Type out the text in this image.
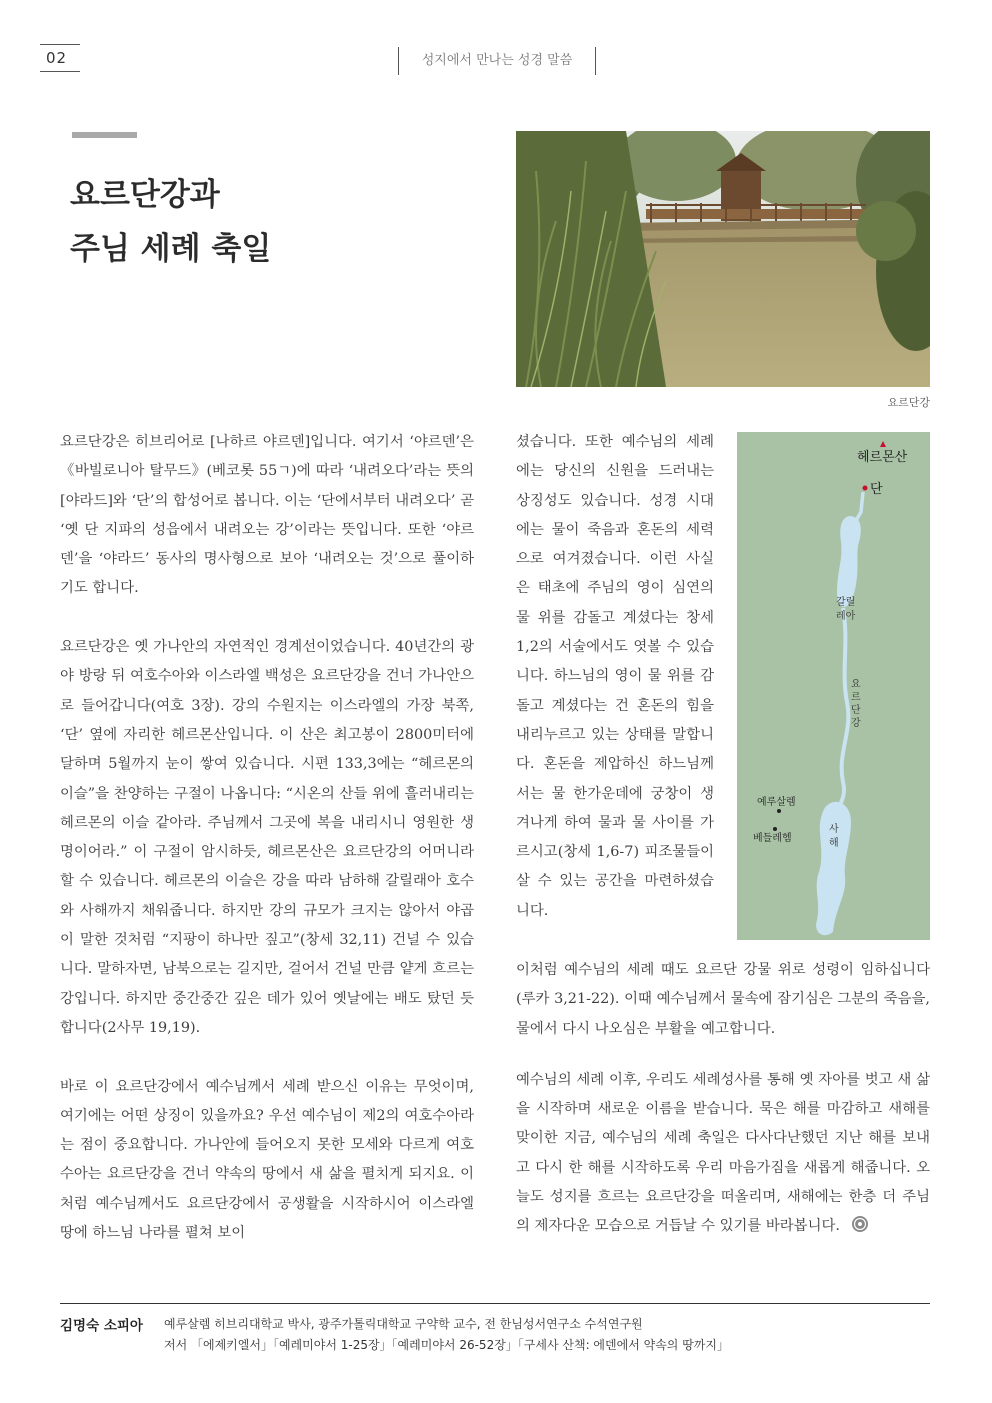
02	성지에서 만나는 성경 말씀
요르단강과
주님 세례 축일
요르단강

요르단강은 히브리어로 [나하르 야르덴]입니다. 여기서 ‘야르덴’은 《바빌로니아 탈무드》(베코롯 55ㄱ)에 따라 ‘내려오다’라는 뜻의 [야라드]와 ‘단’의 합성어로 봅니다. 이는 ‘단에서부터 내려오다’ 곧 ‘옛 단 지파의 성읍에서 내려오는 강’이라는 뜻입니다. 또한 ‘야르덴’을 ‘야라드’ 동사의 명사형으로 보아 ‘내려오는 것’으로 풀이하기도 합니다.

요르단강은 옛 가나안의 자연적인 경계선이었습니다. 40년간의 광야 방랑 뒤 여호수아와 이스라엘 백성은 요르단강을 건너 가나안으로 들어갑니다(여호 3장). 강의 수원지는 이스라엘의 가장 북쪽, ‘단’ 옆에 자리한 헤르몬산입니다. 이 산은 최고봉이 2800미터에 달하며 5월까지 눈이 쌓여 있습니다. 시편 133,3에는 “헤르몬의 이슬”을 찬양하는 구절이 나옵니다: “시온의 산들 위에 흘러내리는 헤르몬의 이슬 같아라. 주님께서 그곳에 복을 내리시니 영원한 생명이어라.” 이 구절이 암시하듯, 헤르몬산은 요르단강의 어머니라 할 수 있습니다. 헤르몬의 이슬은 강을 따라 남하해 갈릴래아 호수와 사해까지 채워줍니다. 하지만 강의 규모가 크지는 않아서 야곱이 말한 것처럼 “지팡이 하나만 짚고”(창세 32,11) 건널 수 있습니다. 말하자면, 남북으로는 길지만, 걸어서 건널 만큼 얕게 흐르는 강입니다. 하지만 중간중간 깊은 데가 있어 옛날에는 배도 탔던 듯합니다(2사무 19,19).

바로 이 요르단강에서 예수님께서 세례 받으신 이유는 무엇이며, 여기에는 어떤 상징이 있을까요? 우선 예수님이 제2의 여호수아라는 점이 중요합니다. 가나안에 들어오지 못한 모세와 다르게 여호수아는 요르단강을 건너 약속의 땅에서 새 삶을 펼치게 되지요. 이처럼 예수님께서도 요르단강에서 공생활을 시작하시어 이스라엘 땅에 하느님 나라를 펼쳐 보이

셨습니다. 또한 예수님의 세례에는 당신의 신원을 드러내는 상징성도 있습니다. 성경 시대에는 물이 죽음과 혼돈의 세력으로 여겨졌습니다. 이런 사실은 태초에 주님의 영이 심연의 물 위를 감돌고 계셨다는 창세 1,2의 서술에서도 엿볼 수 있습니다. 하느님의 영이 물 위를 감돌고 계셨다는 건 혼돈의 힘을 내리누르고 있는 상태를 말합니다. 혼돈을 제압하신 하느님께서는 물 한가운데에 궁창이 생겨나게 하여 물과 물 사이를 가르시고(창세 1,6-7) 피조물들이 살 수 있는 공간을 마련하셨습니다.

헤르몬산
단
갈릴
레아
요
르
단
강
예루살렘
베들레헴
사
해

이처럼 예수님의 세례 때도 요르단 강물 위로 성령이 임하십니다(루카 3,21-22). 이때 예수님께서 물속에 잠기심은 그분의 죽음을, 물에서 다시 나오심은 부활을 예고합니다.

예수님의 세례 이후, 우리도 세례성사를 통해 옛 자아를 벗고 새 삶을 시작하며 새로운 이름을 받습니다. 묵은 해를 마감하고 새해를 맞이한 지금, 예수님의 세례 축일은 다사다난했던 지난 해를 보내고 다시 한 해를 시작하도록 우리 마음가짐을 새롭게 해줍니다. 오늘도 성지를 흐르는 요르단강을 떠올리며, 새해에는 한층 더 주님의 제자다운 모습으로 거듭날 수 있기를 바라봅니다.

김명숙 소피아 예루살렘 히브리대학교 박사, 광주가톨릭대학교 구약학 교수, 전 한님성서연구소 수석연구원
저서 「에제키엘서」「예레미야서 1-25장」「예레미야서 26-52장」「구세사 산책: 에덴에서 약속의 땅까지」
